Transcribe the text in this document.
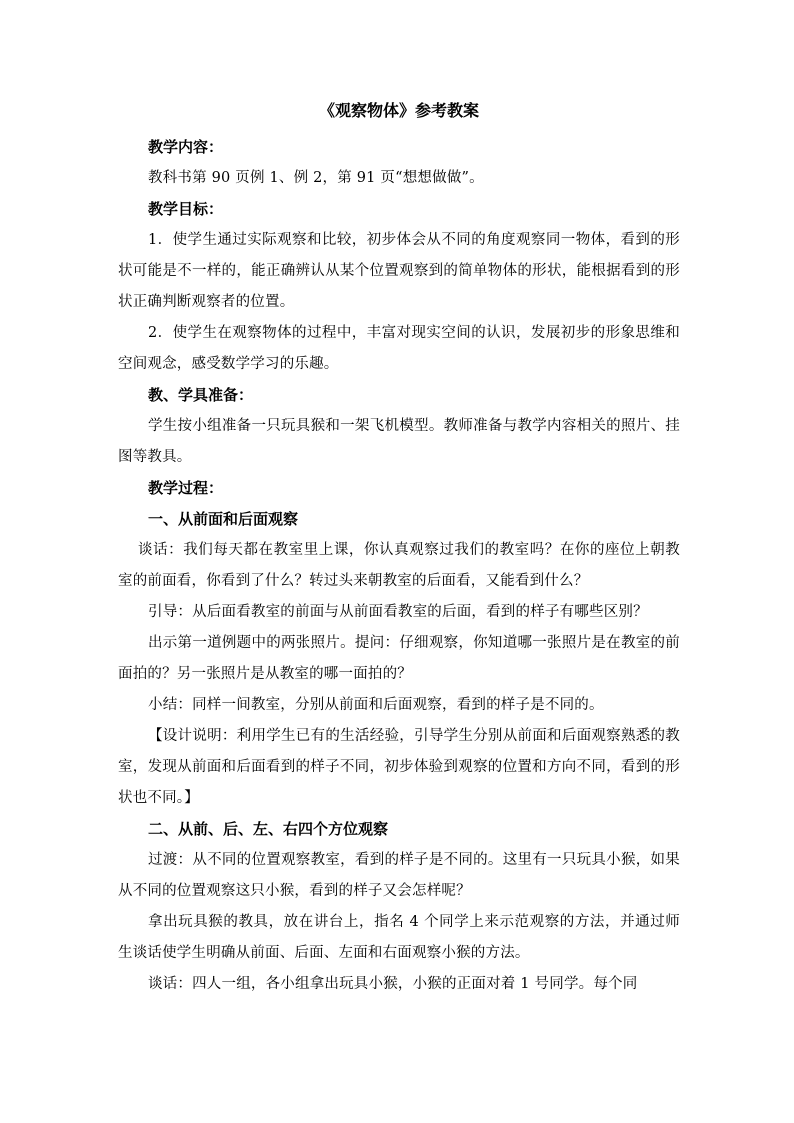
《观察物体》参考教案
教学内容：
教科书第 90 页例 1、例 2，第 91 页“想想做做”。
教学目标：
1．使学生通过实际观察和比较，初步体会从不同的角度观察同一物体，看到的形状可能是不一样的，能正确辨认从某个位置观察到的简单物体的形状，能根据看到的形状正确判断观察者的位置。
2．使学生在观察物体的过程中，丰富对现实空间的认识，发展初步的形象思维和空间观念，感受数学学习的乐趣。
教、学具准备：
学生按小组准备一只玩具猴和一架飞机模型。教师准备与教学内容相关的照片、挂图等教具。
教学过程：
一、从前面和后面观察
谈话：我们每天都在教室里上课，你认真观察过我们的教室吗？在你的座位上朝教室的前面看，你看到了什么？转过头来朝教室的后面看，又能看到什么？
引导：从后面看教室的前面与从前面看教室的后面，看到的样子有哪些区别？
出示第一道例题中的两张照片。提问：仔细观察，你知道哪一张照片是在教室的前面拍的？另一张照片是从教室的哪一面拍的？
小结：同样一间教室，分别从前面和后面观察，看到的样子是不同的。
【设计说明：利用学生已有的生活经验，引导学生分别从前面和后面观察熟悉的教室，发现从前面和后面看到的样子不同，初步体验到观察的位置和方向不同，看到的形状也不同。】
二、从前、后、左、右四个方位观察
过渡：从不同的位置观察教室，看到的样子是不同的。这里有一只玩具小猴，如果从不同的位置观察这只小猴，看到的样子又会怎样呢？
拿出玩具猴的教具，放在讲台上，指名 4 个同学上来示范观察的方法，并通过师生谈话使学生明确从前面、后面、左面和右面观察小猴的方法。
谈话：四人一组，各小组拿出玩具小猴，小猴的正面对着 1 号同学。每个同
